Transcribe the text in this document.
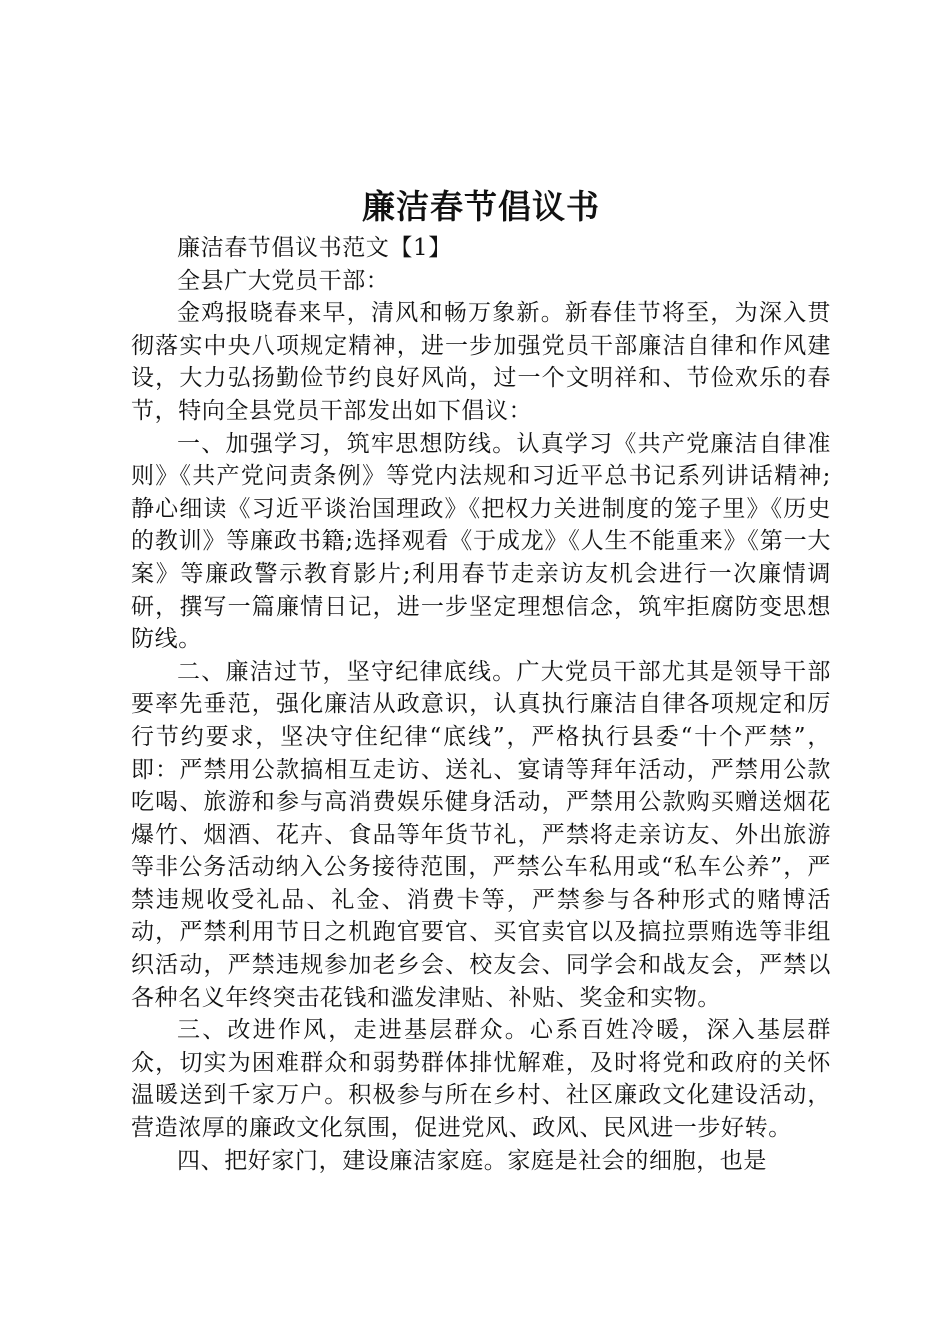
廉洁春节倡议书

廉洁春节倡议书范文【1】

全县广大党员干部：

金鸡报晓春来早，清风和畅万象新。新春佳节将至，为深入贯彻落实中央八项规定精神，进一步加强党员干部廉洁自律和作风建设，大力弘扬勤俭节约良好风尚，过一个文明祥和、节俭欢乐的春节，特向全县党员干部发出如下倡议：

一、加强学习，筑牢思想防线。认真学习《共产党廉洁自律准则》《共产党问责条例》等党内法规和习近平总书记系列讲话精神;静心细读《习近平谈治国理政》《把权力关进制度的笼子里》《历史的教训》等廉政书籍;选择观看《于成龙》《人生不能重来》《第一大案》等廉政警示教育影片;利用春节走亲访友机会进行一次廉情调研，撰写一篇廉情日记，进一步坚定理想信念，筑牢拒腐防变思想防线。

二、廉洁过节，坚守纪律底线。广大党员干部尤其是领导干部要率先垂范，强化廉洁从政意识，认真执行廉洁自律各项规定和厉行节约要求，坚决守住纪律“底线”，严格执行县委“十个严禁”，即：严禁用公款搞相互走访、送礼、宴请等拜年活动，严禁用公款吃喝、旅游和参与高消费娱乐健身活动，严禁用公款购买赠送烟花爆竹、烟酒、花卉、食品等年货节礼，严禁将走亲访友、外出旅游等非公务活动纳入公务接待范围，严禁公车私用或“私车公养”，严禁违规收受礼品、礼金、消费卡等，严禁参与各种形式的赌博活动，严禁利用节日之机跑官要官、买官卖官以及搞拉票贿选等非组织活动，严禁违规参加老乡会、校友会、同学会和战友会，严禁以各种名义年终突击花钱和滥发津贴、补贴、奖金和实物。

三、改进作风，走进基层群众。心系百姓冷暖，深入基层群众，切实为困难群众和弱势群体排忧解难，及时将党和政府的关怀温暖送到千家万户。积极参与所在乡村、社区廉政文化建设活动，营造浓厚的廉政文化氛围，促进党风、政风、民风进一步好转。

四、把好家门，建设廉洁家庭。家庭是社会的细胞，也是
